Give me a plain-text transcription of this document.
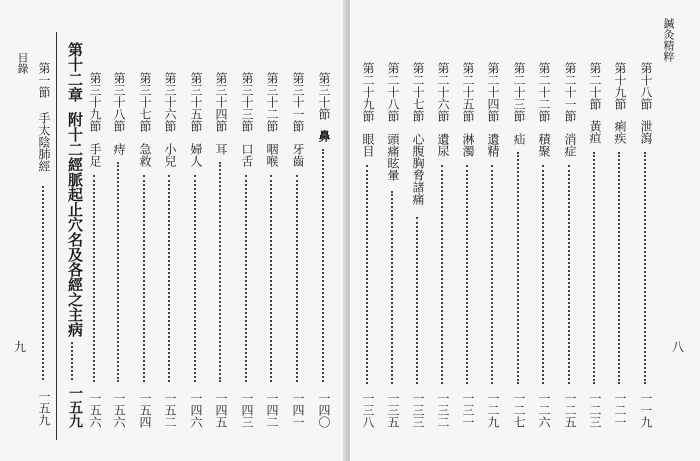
目錄
九
第一節
手太陰肺經
一五九
第十二章
附十二經脈起止穴名及各經之主病
一五九
第三十節
鼻
一四〇
第三十一節
牙齒
一四一
第三十二節
咽喉
一四二
第三十三節
口舌
一四三
第三十四節
耳
一四五
第三十五節
婦人
一四六
第三十六節
小兒
一五二
第三十七節
急救
一五四
第三十八節
痔
一五六
第三十九節
手足
一五六
鍼灸精粹
八
第十八節
泄瀉
一一九
第十九節
痢疾
一二一
第二十節
黃疸
一二三
第二十一節
消症
一二五
第二十二節
積聚
一二六
第二十三節
疝
一二七
第二十四節
遺精
一二九
第二十五節
淋濁
一三一
第二十六節
遺尿
一三二
第二十七節
心腹胸脅諸痛
一三三
第二十八節
頭痛眩暈
一三五
第二十九節
眼目
一三八
